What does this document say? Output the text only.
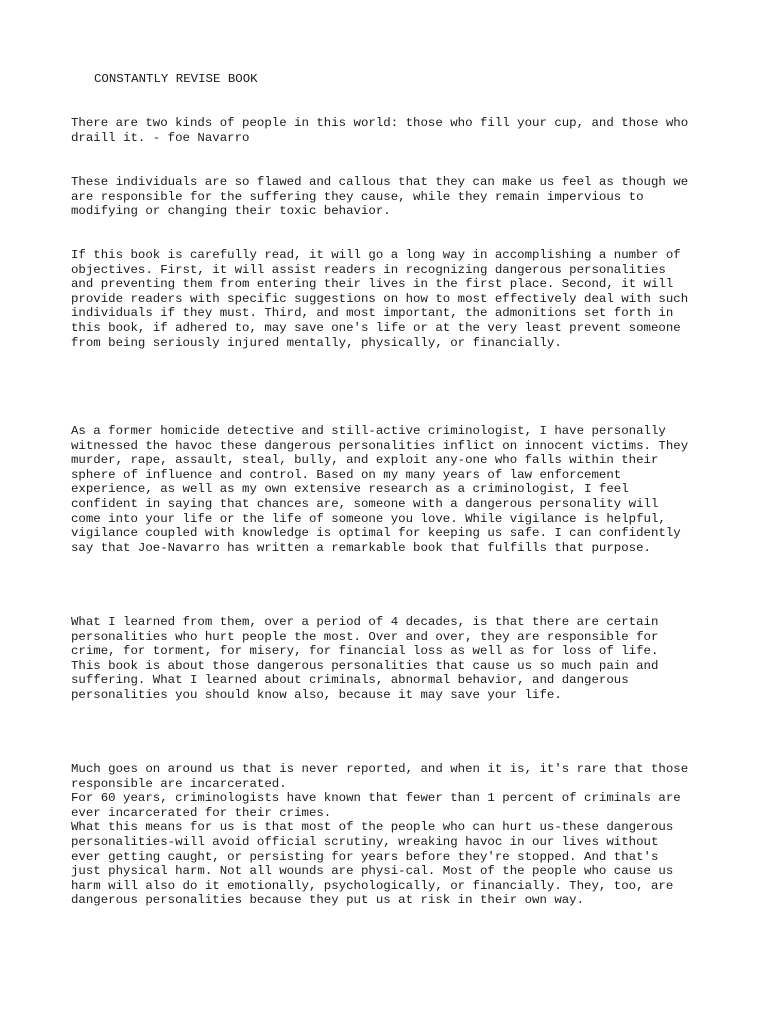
CONSTANTLY REVISE BOOK
There are two kinds of people in this world: those who fill your cup, and those who
draill it. - foe Navarro
These individuals are so flawed and callous that they can make us feel as though we
are responsible for the suffering they cause, while they remain impervious to
modifying or changing their toxic behavior.
If this book is carefully read, it will go a long way in accomplishing a number of
objectives. First, it will assist readers in recognizing dangerous personalities
and preventing them from entering their lives in the first place. Second, it will
provide readers with specific suggestions on how to most effectively deal with such
individuals if they must. Third, and most important, the admonitions set forth in
this book, if adhered to, may save one's life or at the very least prevent someone
from being seriously injured mentally, physically, or financially.
As a former homicide detective and still-active criminologist, I have personally
witnessed the havoc these dangerous personalities inflict on innocent victims. They
murder, rape, assault, steal, bully, and exploit any-one who falls within their
sphere of influence and control. Based on my many years of law enforcement
experience, as well as my own extensive research as a criminologist, I feel
confident in saying that chances are, someone with a dangerous personality will
come into your life or the life of someone you love. While vigilance is helpful,
vigilance coupled with knowledge is optimal for keeping us safe. I can confidently
say that Joe-Navarro has written a remarkable book that fulfills that purpose.
What I learned from them, over a period of 4 decades, is that there are certain
personalities who hurt people the most. Over and over, they are responsible for
crime, for torment, for misery, for financial loss as well as for loss of life.
This book is about those dangerous personalities that cause us so much pain and
suffering. What I learned about criminals, abnormal behavior, and dangerous
personalities you should know also, because it may save your life.
Much goes on around us that is never reported, and when it is, it's rare that those
responsible are incarcerated.
For 60 years, criminologists have known that fewer than 1 percent of criminals are
ever incarcerated for their crimes.
What this means for us is that most of the people who can hurt us-these dangerous
personalities-will avoid official scrutiny, wreaking havoc in our lives without
ever getting caught, or persisting for years before they're stopped. And that's
just physical harm. Not all wounds are physi-cal. Most of the people who cause us
harm will also do it emotionally, psychologically, or financially. They, too, are
dangerous personalities because they put us at risk in their own way.
